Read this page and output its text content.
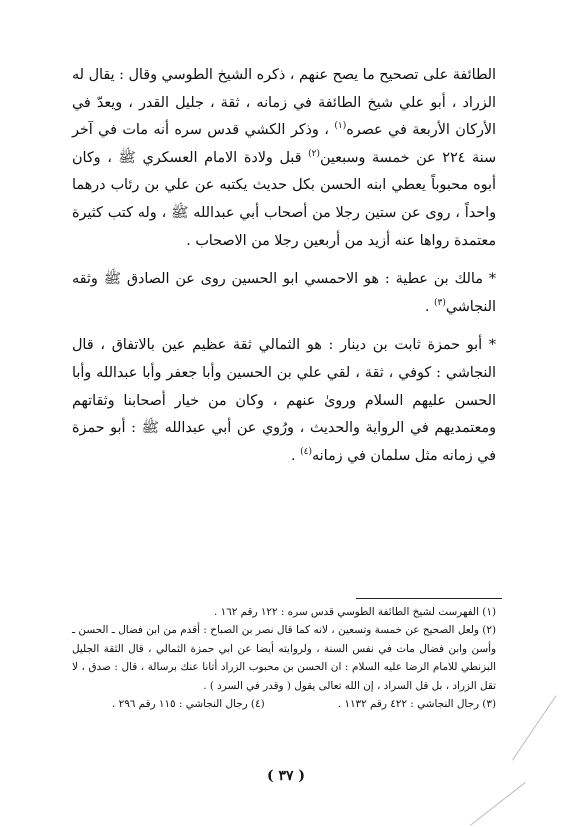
الطائفة على تصحيح ما يصح عنهم ، ذكره الشيخ الطوسي وقال : يقال له الزراد ، أبو علي شيخ الطائفة في زمانه ، ثقة ، جليل القدر ، ويعدّ في الأركان الأربعة في عصره$^{(١)}$ ، وذكر الكشي قدس سره أنه مات في آخر سنة ٢٢٤ عن خمسة وسبعين$^{(٢)}$ قبل ولادة الامام العسكري ﷺ ، وكان أبوه محبوباً يعطي ابنه الحسن بكل حديث يكتبه عن علي بن رئاب درهما واحداً ، روى عن ستين رجلا من أصحاب أبي عبدالله ﷺ ، وله كتب كثيرة معتمدة رواها عنه أزيد من أربعين رجلا من الاصحاب .

* مالك بن عطية : هو الاحمسي ابو الحسين روى عن الصادق ﷺ وثقه النجاشي$^{(٣)}$ .

* أبو حمزة ثابت بن دينار : هو الثمالي ثقة عظيم عين بالاتفاق ، قال النجاشي : كوفي ، ثقة ، لقي علي بن الحسين وأبا جعفر وأبا عبدالله وأبا الحسن عليهم السلام وروىٰ عنهم ، وكان من خيار أصحابنا وثقاتهم ومعتمديهم في الرواية والحديث ، ورُوي عن أبي عبدالله ﷺ : أبو حمزة في زمانه مثل سلمان في زمانه$^{(٤)}$ .

(١) الفهرست لشيخ الطائفة الطوسي قدس سره : ١٢٢ رقم ١٦٢ .

(٢) ولعل الصحيح عن خمسة وتسعين ، لانه كما قال نصر بن الصباح : أقدم من ابن فضال ـ الحسن ـ وأسن وابن فضال مات في نفس السنة ، ولروايته أيضا عن ابي حمزة الثمالي ، قال الثقة الجليل البزنطي للامام الرضا عليه السلام : ان الحسن بن محبوب الزراد أتانا عنك برسالة ، قال : صدق ، لا تقل الزراد ، بل قل السراد ، إن الله تعالى يقول ( وقدر في السرد ) .

(٣) رجال النجاشي : ٤٢٢ رقم ١١٣٢ .
(٤) رجال النجاشي : ١١٥ رقم ٢٩٦ .
( ٣٧ )
